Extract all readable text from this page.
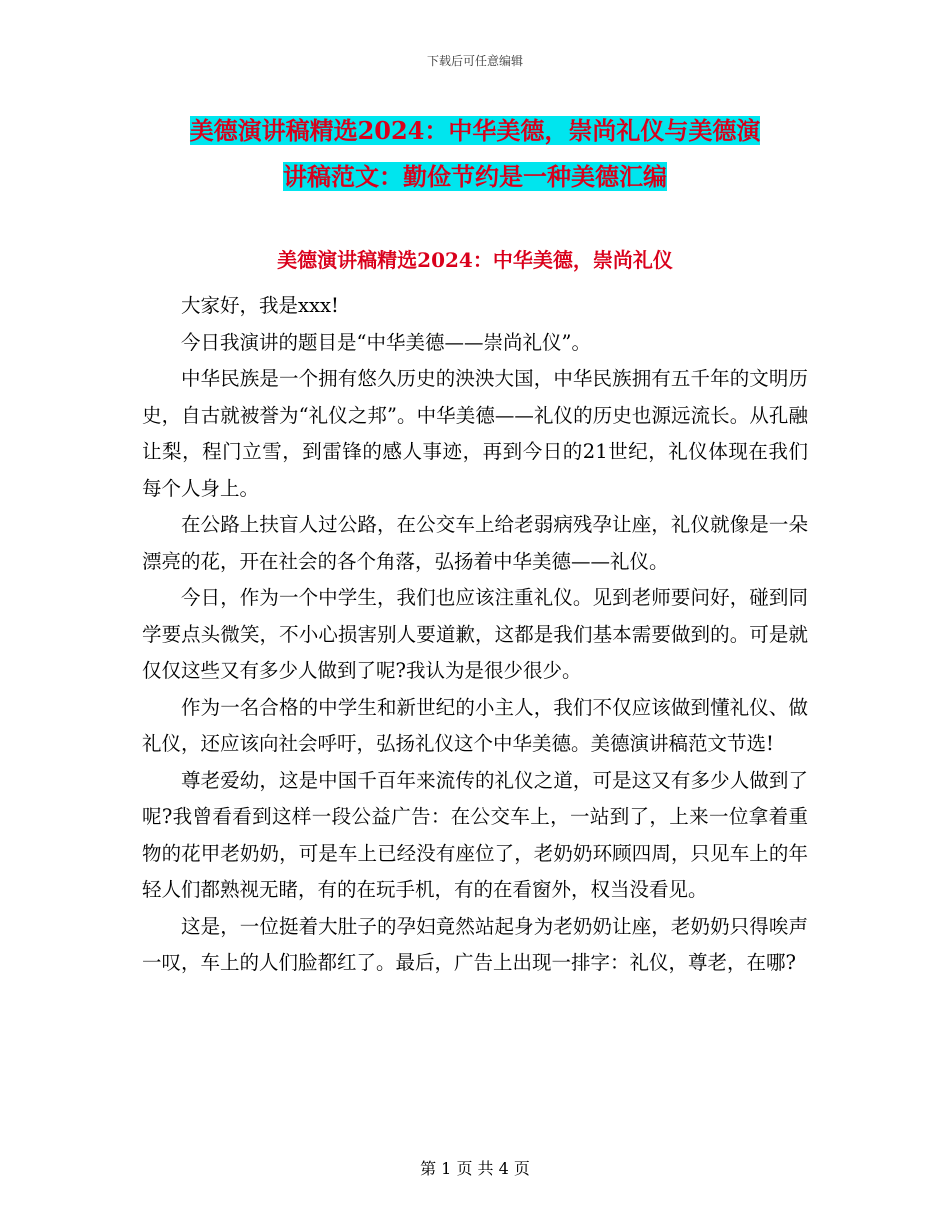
下载后可任意编辑
美德演讲稿精选2024：中华美德，崇尚礼仪与美德演
讲稿范文：勤俭节约是一种美德汇编
美德演讲稿精选2024：中华美德，崇尚礼仪

大家好，我是xxx!

今日我演讲的题目是“中华美德——崇尚礼仪”。

中华民族是一个拥有悠久历史的泱泱大国，中华民族拥有五千年的文明历史，自古就被誉为“礼仪之邦”。中华美德——礼仪的历史也源远流长。从孔融让梨，程门立雪，到雷锋的感人事迹，再到今日的21世纪，礼仪体现在我们每个人身上。

在公路上扶盲人过公路，在公交车上给老弱病残孕让座，礼仪就像是一朵漂亮的花，开在社会的各个角落，弘扬着中华美德——礼仪。

今日，作为一个中学生，我们也应该注重礼仪。见到老师要问好，碰到同学要点头微笑，不小心损害别人要道歉，这都是我们基本需要做到的。可是就仅仅这些又有多少人做到了呢?我认为是很少很少。

作为一名合格的中学生和新世纪的小主人，我们不仅应该做到懂礼仪、做礼仪，还应该向社会呼吁，弘扬礼仪这个中华美德。美德演讲稿范文节选!

尊老爱幼，这是中国千百年来流传的礼仪之道，可是这又有多少人做到了呢?我曾看看到这样一段公益广告：在公交车上，一站到了，上来一位拿着重物的花甲老奶奶，可是车上已经没有座位了，老奶奶环顾四周，只见车上的年轻人们都熟视无睹，有的在玩手机，有的在看窗外，权当没看见。

这是，一位挺着大肚子的孕妇竟然站起身为老奶奶让座，老奶奶只得唉声一叹，车上的人们脸都红了。最后，广告上出现一排字：礼仪，尊老，在哪?

第 1 页 共 4 页
